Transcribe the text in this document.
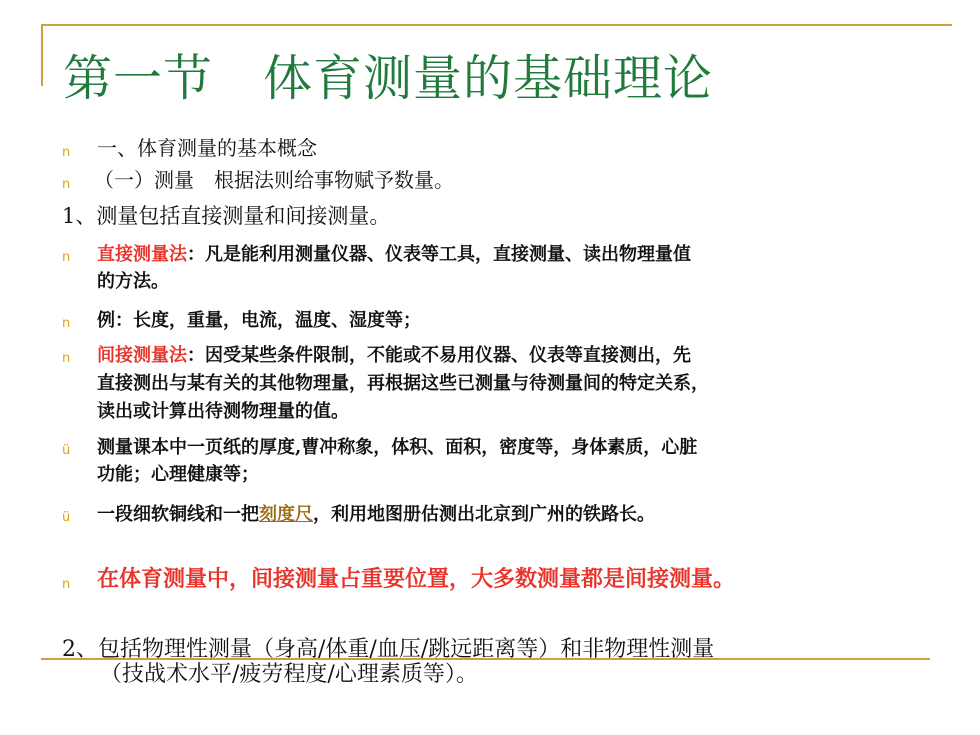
第一节　体育测量的基础理论
n 一、体育测量的基本概念
n （一）测量　根据法则给事物赋予数量。
1、测量包括直接测量和间接测量。
n 直接测量法：凡是能利用测量仪器、仪表等工具，直接测量、读出物理量值
的方法。
n 例：长度，重量，电流，温度、湿度等；
n 间接测量法：因受某些条件限制，不能或不易用仪器、仪表等直接测出，先
直接测出与某有关的其他物理量，再根据这些已测量与待测量间的特定关系，
读出或计算出待测物理量的值。
ü 测量课本中一页纸的厚度,曹冲称象，体积、面积，密度等，身体素质，心脏
功能；心理健康等；
ü 一段细软铜线和一把刻度尺，利用地图册估测出北京到广州的铁路长。
n 在体育测量中，间接测量占重要位置，大多数测量都是间接测量。
2、包括物理性测量（身高/体重/血压/跳远距离等）和非物理性测量
（技战术水平/疲劳程度/心理素质等）。
